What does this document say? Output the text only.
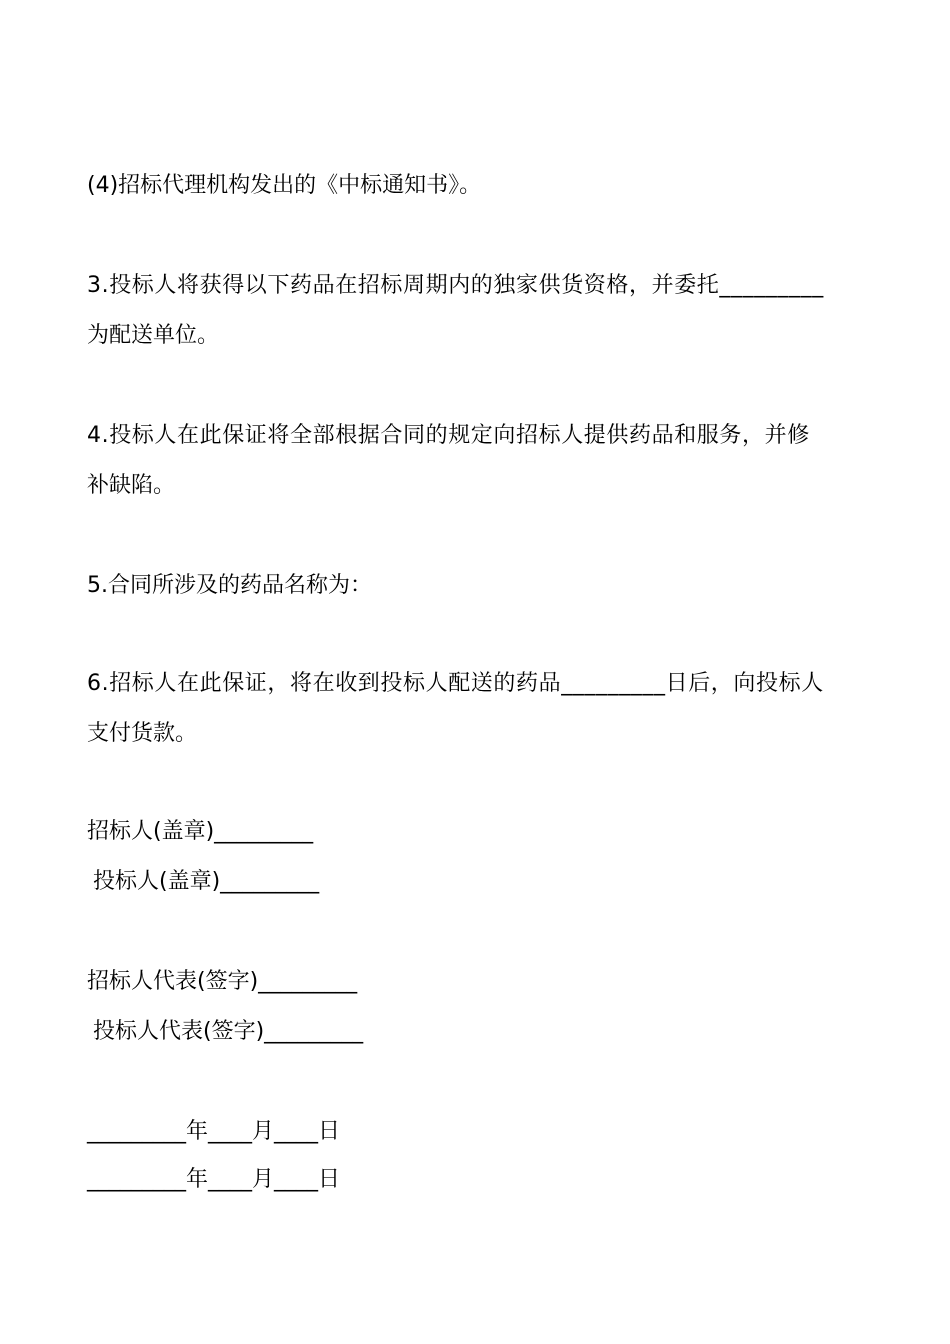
(4)招标代理机构发出的《中标通知书》。
3.投标人将获得以下药品在招标周期内的独家供货资格，并委托_________
为配送单位。
4.投标人在此保证将全部根据合同的规定向招标人提供药品和服务，并修
补缺陷。
5.合同所涉及的药品名称为：
6.招标人在此保证，将在收到投标人配送的药品_________日后，向投标人
支付货款。
招标人(盖章)_________
投标人(盖章)_________
招标人代表(签字)_________
投标人代表(签字)_________
_________年____月____日
_________年____月____日
